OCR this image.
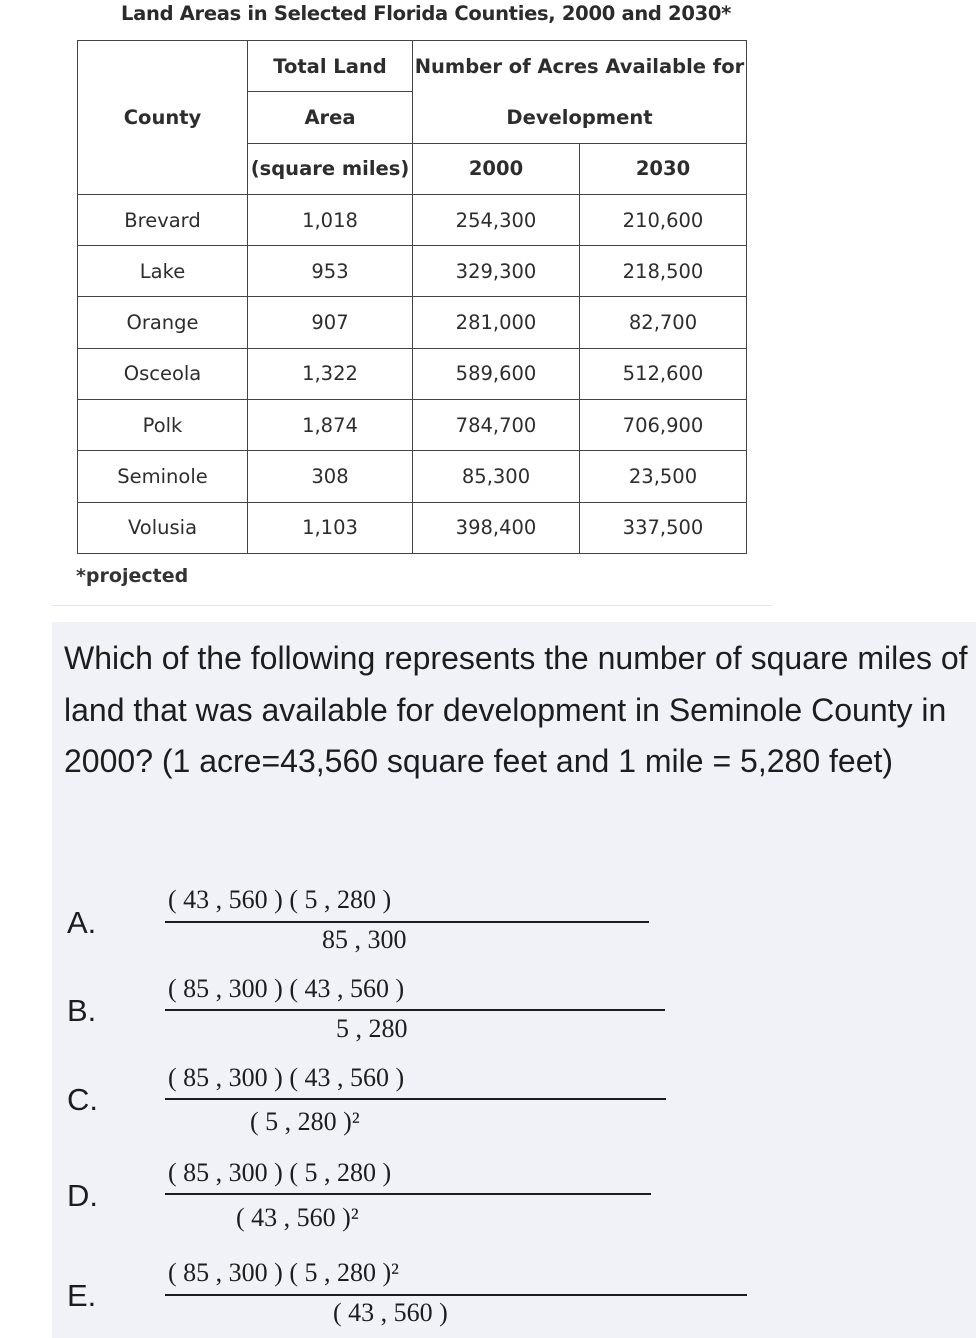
Land Areas in Selected Florida Counties, 2000 and 2030*
County	Total Land	Number of Acres Available for	
	Area	Development	
	(square miles)	2000	2030
Brevard	1,018	254,300	210,600
Lake	953	329,300	218,500
Orange	907	281,000	82,700
Osceola	1,322	589,600	512,600
Polk	1,874	784,700	706,900
Seminole	308	85,300	23,500
Volusia	1,103	398,400	337,500
*projected
Which of the following represents the number of square miles of land that was available for development in Seminole County in 2000? (1 acre=43,560 square feet and 1 mile = 5,280 feet)
A.
( 43 , 560 ) ( 5 , 280 )
85 , 300
B.
( 85 , 300 ) ( 43 , 560 )
5 , 280
C.
( 85 , 300 ) ( 43 , 560 )
( 5 , 280 )²
D.
( 85 , 300 ) ( 5 , 280 )
( 43 , 560 )²
E.
( 85 , 300 ) ( 5 , 280 )²
( 43 , 560 )
